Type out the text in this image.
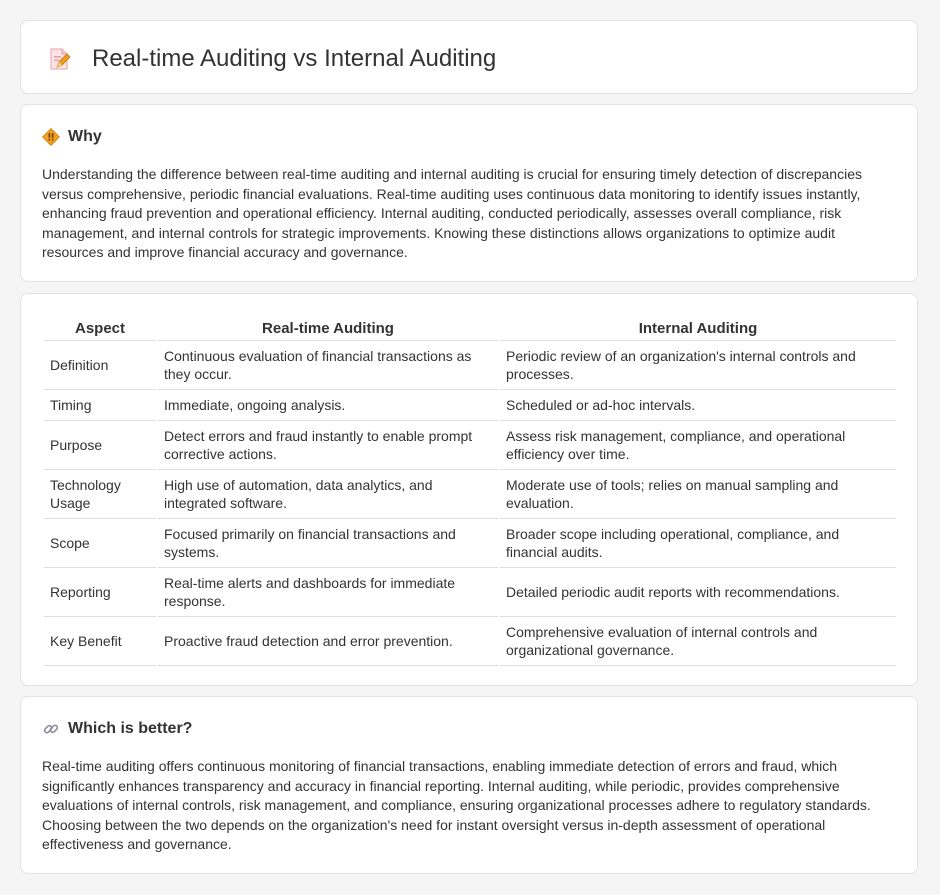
Real-time Auditing vs Internal Auditing
Why

Understanding the difference between real-time auditing and internal auditing is crucial for ensuring timely detection of discrepancies versus comprehensive, periodic financial evaluations. Real-time auditing uses continuous data monitoring to identify issues instantly, enhancing fraud prevention and operational efficiency. Internal auditing, conducted periodically, assesses overall compliance, risk management, and internal controls for strategic improvements. Knowing these distinctions allows organizations to optimize audit resources and improve financial accuracy and governance.

Aspect	Real-time Auditing	Internal Auditing
Definition	Continuous evaluation of financial transactions as they occur.	Periodic review of an organization's internal controls and processes.
Timing	Immediate, ongoing analysis.	Scheduled or ad-hoc intervals.
Purpose	Detect errors and fraud instantly to enable prompt corrective actions.	Assess risk management, compliance, and operational efficiency over time.
Technology Usage	High use of automation, data analytics, and integrated software.	Moderate use of tools; relies on manual sampling and evaluation.
Scope	Focused primarily on financial transactions and systems.	Broader scope including operational, compliance, and financial audits.
Reporting	Real-time alerts and dashboards for immediate response.	Detailed periodic audit reports with recommendations.
Key Benefit	Proactive fraud detection and error prevention.	Comprehensive evaluation of internal controls and organizational governance.
Which is better?

Real-time auditing offers continuous monitoring of financial transactions, enabling immediate detection of errors and fraud, which significantly enhances transparency and accuracy in financial reporting. Internal auditing, while periodic, provides comprehensive evaluations of internal controls, risk management, and compliance, ensuring organizational processes adhere to regulatory standards. Choosing between the two depends on the organization's need for instant oversight versus in-depth assessment of operational effectiveness and governance.
